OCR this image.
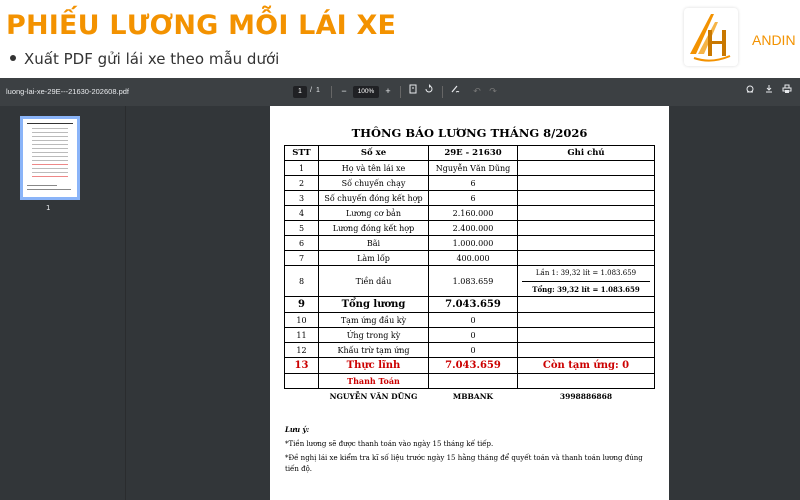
PHIẾU LƯƠNG MỖI LÁI XE
Xuất PDF gửi lái xe theo mẫu dưới
ANDIN
luong-lai-xe-29E---21630-202608.pdf	1	/ 1	−	100%	+	↶ ↷
1
THÔNG BÁO LƯƠNG THÁNG 8/2026
STT	Số xe	29E - 21630	Ghi chú
1	Họ và tên lái xe	Nguyễn Văn Dũng	
2	Số chuyến chạy	6	
3	Số chuyến đóng kết hợp	6	
4	Lương cơ bản	2.160.000	
5	Lương đóng kết hợp	2.400.000	
6	Bãi	1.000.000	
7	Làm lốp	400.000	
8	Tiền dầu	1.083.659	Lần 1: 39,32 lít = 1.083.659
Tổng: 39,32 lít = 1.083.659

9	Tổng lương	7.043.659	
10	Tạm ứng đầu kỳ	0	
11	Ứng trong kỳ	0	
12	Khấu trừ tạm ứng	0	
13	Thực lĩnh	7.043.659	Còn tạm ứng: 0
	Thanh Toán		
	NGUYỄN VĂN DŨNG	MBBANK	3998886868
Lưu ý:

*Tiền lương sẽ được thanh toán vào ngày 15 tháng kế tiếp.

*Đề nghị lái xe kiểm tra kĩ số liệu trước ngày 15 hằng tháng để quyết toán và thanh toán lương đúng tiến độ.
